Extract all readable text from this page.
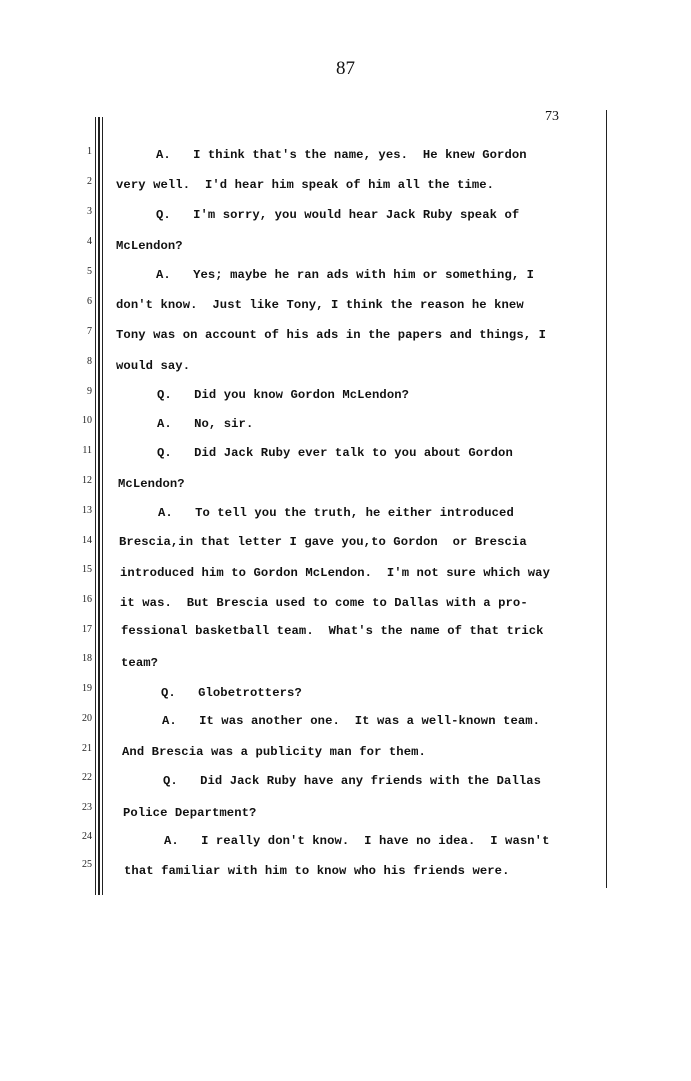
87
73
1	A.   I think that's the name, yes.  He knew Gordon
2 very well.  I'd hear him speak of him all the time.
3	Q.   I'm sorry, you would hear Jack Ruby speak of
4 McLendon?
5	A.   Yes; maybe he ran ads with him or something, I
6 don't know.  Just like Tony, I think the reason he knew
7 Tony was on account of his ads in the papers and things, I
8 would say.
9	Q.   Did you know Gordon McLendon?
10	A.   No, sir.
11	Q.   Did Jack Ruby ever talk to you about Gordon
12 McLendon?
13	A.   To tell you the truth, he either introduced
14 Brescia,in that letter I gave you,to Gordon  or Brescia
15 introduced him to Gordon McLendon.  I'm not sure which way
16 it was.  But Brescia used to come to Dallas with a pro-
17 fessional basketball team.  What's the name of that trick
18 team?
19	Q.   Globetrotters?
20	A.   It was another one.  It was a well-known team.
21 And Brescia was a publicity man for them.
22	Q.   Did Jack Ruby have any friends with the Dallas
23	Police Department?
24	A.   I really don't know.  I have no idea.  I wasn't
25	that familiar with him to know who his friends were.
